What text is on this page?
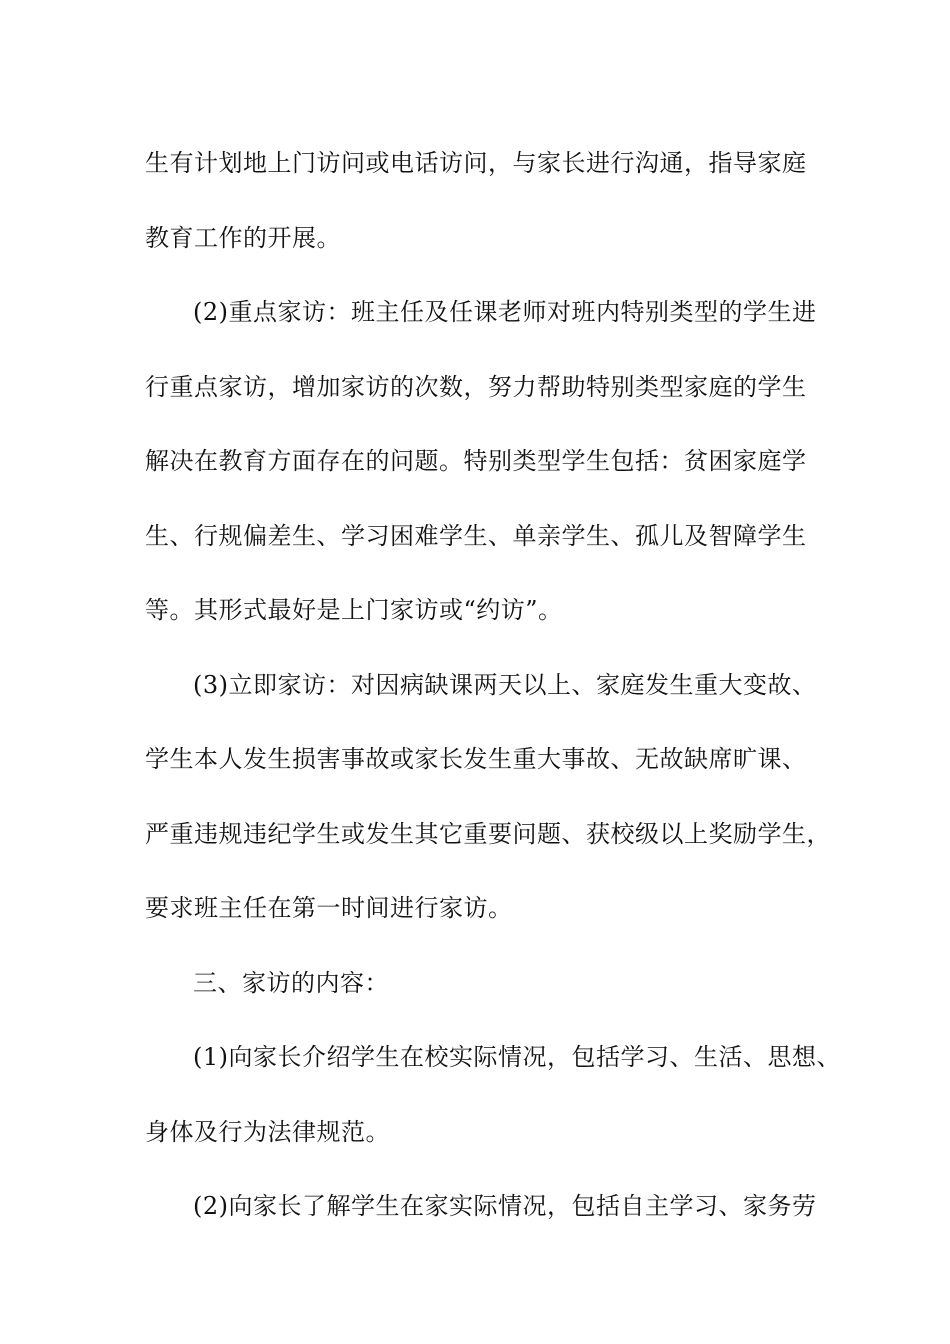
生有计划地上门访问或电话访问，与家长进行沟通，指导家庭
教育工作的开展。
(2)重点家访：班主任及任课老师对班内特别类型的学生进
行重点家访，增加家访的次数，努力帮助特别类型家庭的学生
解决在教育方面存在的问题。特别类型学生包括：贫困家庭学
生、行规偏差生、学习困难学生、单亲学生、孤儿及智障学生
等。其形式最好是上门家访或“约访”。
(3)立即家访：对因病缺课两天以上、家庭发生重大变故、
学生本人发生损害事故或家长发生重大事故、无故缺席旷课、
严重违规违纪学生或发生其它重要问题、获校级以上奖励学生，
要求班主任在第一时间进行家访。
三、家访的内容：
(1)向家长介绍学生在校实际情况，包括学习、生活、思想、
身体及行为法律规范。
(2)向家长了解学生在家实际情况，包括自主学习、家务劳
